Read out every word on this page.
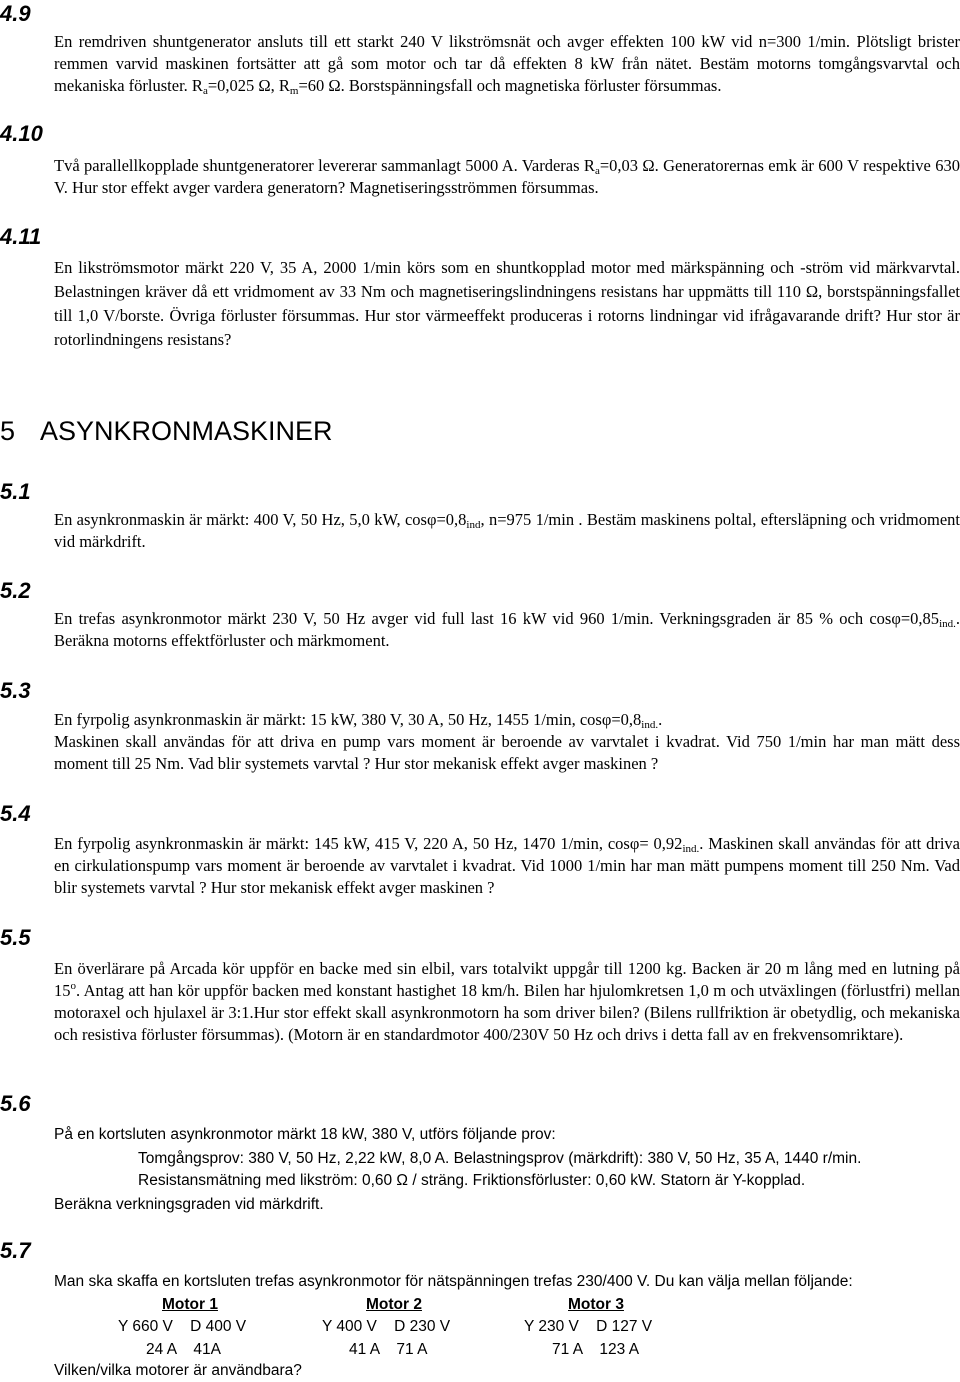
4.9
En remdriven shuntgenerator ansluts till ett starkt 240 V likströmsnät och avger effekten 100 kW vid n=300 1/min. Plötsligt brister remmen varvid maskinen fortsätter att gå som motor och tar då effekten 8 kW från nätet. Bestäm motorns tomgångsvarvtal och mekaniska förluster. $R_a=0,025$ Ω, $R_m=60$ Ω. Borstspänningsfall och magnetiska förluster försummas.
4.10
Två parallellkopplade shuntgeneratorer levererar sammanlagt 5000 A. Varderas $R_a=0,03$ Ω. Generatorernas emk är 600 V respektive 630 V. Hur stor effekt avger vardera generatorn? Magnetiseringsströmmen försummas.
4.11
En likströmsmotor märkt 220 V, 35 A, 2000 1/min körs som en shuntkopplad motor med märkspänning och -ström vid märkvarvtal. Belastningen kräver då ett vridmoment av 33 Nm och magnetiseringslindningens resistans har uppmätts till 110 Ω, borstspänningsfallet till 1,0 V/borste. Övriga förluster försummas. Hur stor värmeeffekt produceras i rotorns lindningar vid ifrågavarande drift? Hur stor är rotorlindningens resistans?
5 ASYNKRONMASKINER
5.1
En asynkronmaskin är märkt: 400 V, 50 Hz, 5,0 kW, $\cos\varphi=0,8_{ind}$, n=975 1/min . Bestäm maskinens poltal, eftersläpning och vridmoment vid märkdrift.
5.2
En trefas asynkronmotor märkt 230 V, 50 Hz avger vid full last 16 kW vid 960 1/min. Verkningsgraden är 85 % och $\cos\varphi=0,85_{ind.}$. Beräkna motorns effektförluster och märkmoment.
5.3
En fyrpolig asynkronmaskin är märkt: 15 kW, 380 V, 30 A, 50 Hz, 1455 1/min, $\cos\varphi=0,8_{ind.}$.
Maskinen skall användas för att driva en pump vars moment är beroende av varvtalet i kvadrat. Vid 750 1/min har man mätt dess moment till 25 Nm. Vad blir systemets varvtal ? Hur stor mekanisk effekt avger maskinen ?
5.4
En fyrpolig asynkronmaskin är märkt: 145 kW, 415 V, 220 A, 50 Hz, 1470 1/min, $\cos\varphi= 0,92_{ind.}$. Maskinen skall användas för att driva en cirkulationspump vars moment är beroende av varvtalet i kvadrat. Vid 1000 1/min har man mätt pumpens moment till 250 Nm. Vad blir systemets varvtal ? Hur stor mekanisk effekt avger maskinen ?
5.5
En överlärare på Arcada kör uppför en backe med sin elbil, vars totalvikt uppgår till 1200 kg. Backen är 20 m lång med en lutning på 15$^o$. Antag att han kör uppför backen med konstant hastighet 18 km/h. Bilen har hjulomkretsen 1,0 m och utväxlingen (förlustfri) mellan motoraxel och hjulaxel är 3:1.Hur stor effekt skall asynkronmotorn ha som driver bilen? (Bilens rullfriktion är obetydlig, och mekaniska och resistiva förluster försummas). (Motorn är en standardmotor 400/230V 50 Hz och drivs i detta fall av en frekvensomriktare).
5.6
På en kortsluten asynkronmotor märkt 18 kW, 380 V, utförs följande prov:
Tomgångsprov: 380 V, 50 Hz, 2,22 kW, 8,0 A. Belastningsprov (märkdrift): 380 V, 50 Hz, 35 A, 1440 r/min.
Resistansmätning med likström: 0,60 Ω / sträng. Friktionsförluster: 0,60 kW. Statorn är Y-kopplad.
Beräkna verkningsgraden vid märkdrift.
5.7
Man ska skaffa en kortsluten trefas asynkronmotor för nätspänningen trefas 230/400 V. Du kan välja mellan följande:
Motor 1	Motor 2	Motor 3
Y 660 V    D 400 V	Y 400 V    D 230 V	Y 230 V    D 127 V
24 A    41A	41 A    71 A	71 A    123 A
Vilken/vilka motorer är användbara?
